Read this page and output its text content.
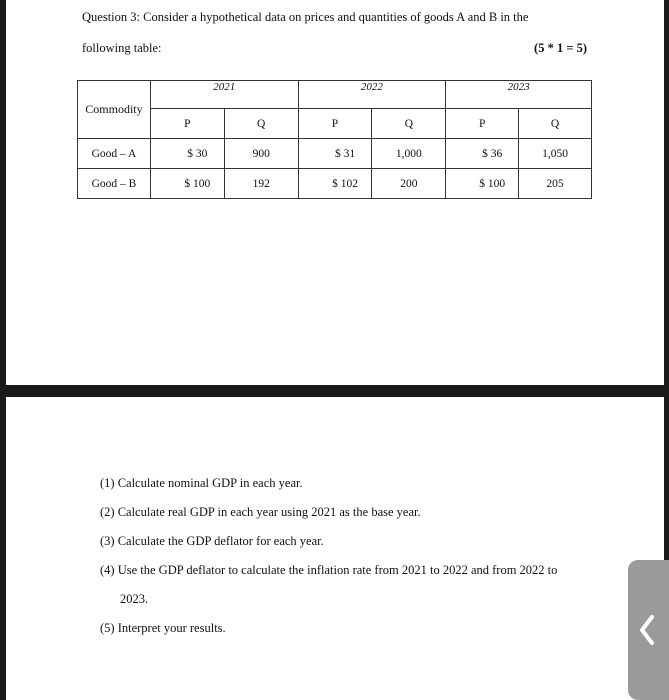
Question 3: Consider a hypothetical data on prices and quantities of goods A and B in the
following table:	(5 * 1 = 5)
Commodity	2021		2022		2023	
	P	Q	P	Q	P	Q
Good – A	$ 30	900	$ 31	1,000	$ 36	1,050
Good – B	$ 100	192	$ 102	200	$ 100	205
(1) Calculate nominal GDP in each year.
(2) Calculate real GDP in each year using 2021 as the base year.
(3) Calculate the GDP deflator for each year.
(4) Use the GDP deflator to calculate the inflation rate from 2021 to 2022 and from 2022 to
2023.
(5) Interpret your results.
